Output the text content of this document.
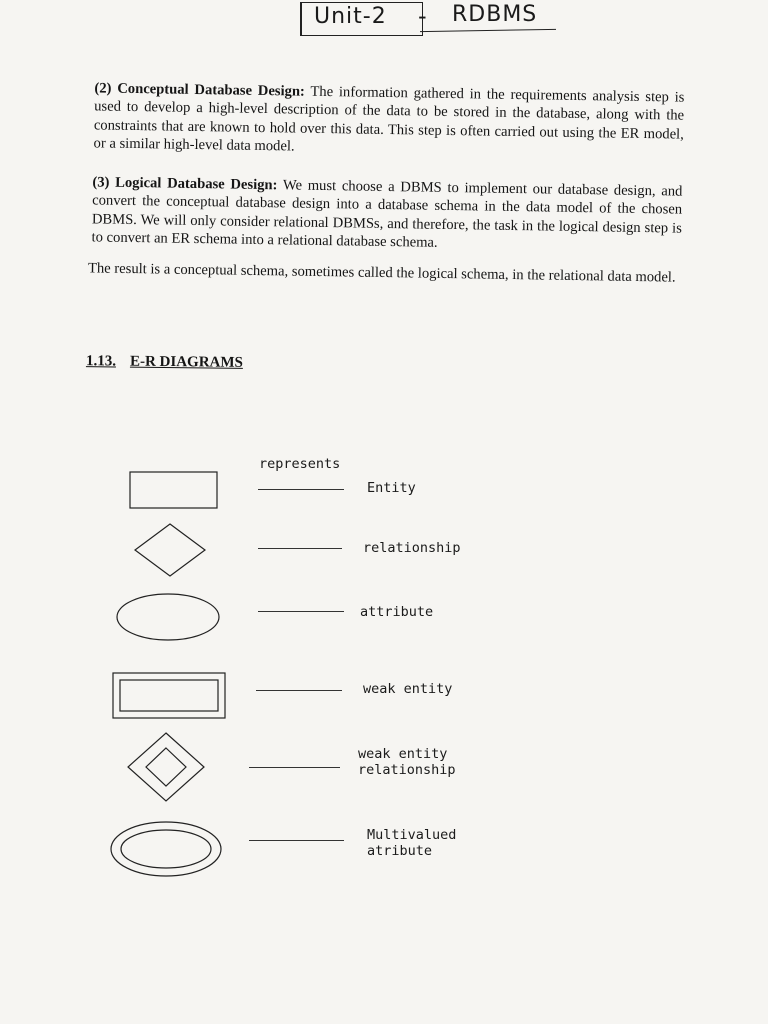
Unit-2 - RDBMS

(2) Conceptual Database Design: The information gathered in the requirements analysis step is used to develop a high-level description of the data to be stored in the database, along with the constraints that are known to hold over this data. This step is often carried out using the ER model, or a similar high-level data model.

(3) Logical Database Design: We must choose a DBMS to implement our database design, and convert the conceptual database design into a database schema in the data model of the chosen DBMS. We will only consider relational DBMSs, and therefore, the task in the logical design step is to convert an ER schema into a relational database schema.

The result is a conceptual schema, sometimes called the logical schema, in the relational data model.

1.13. E-R DIAGRAMS
represents
Entity
relationship
attribute
weak entity
weak entity
relationship
Multivalued
atribute
